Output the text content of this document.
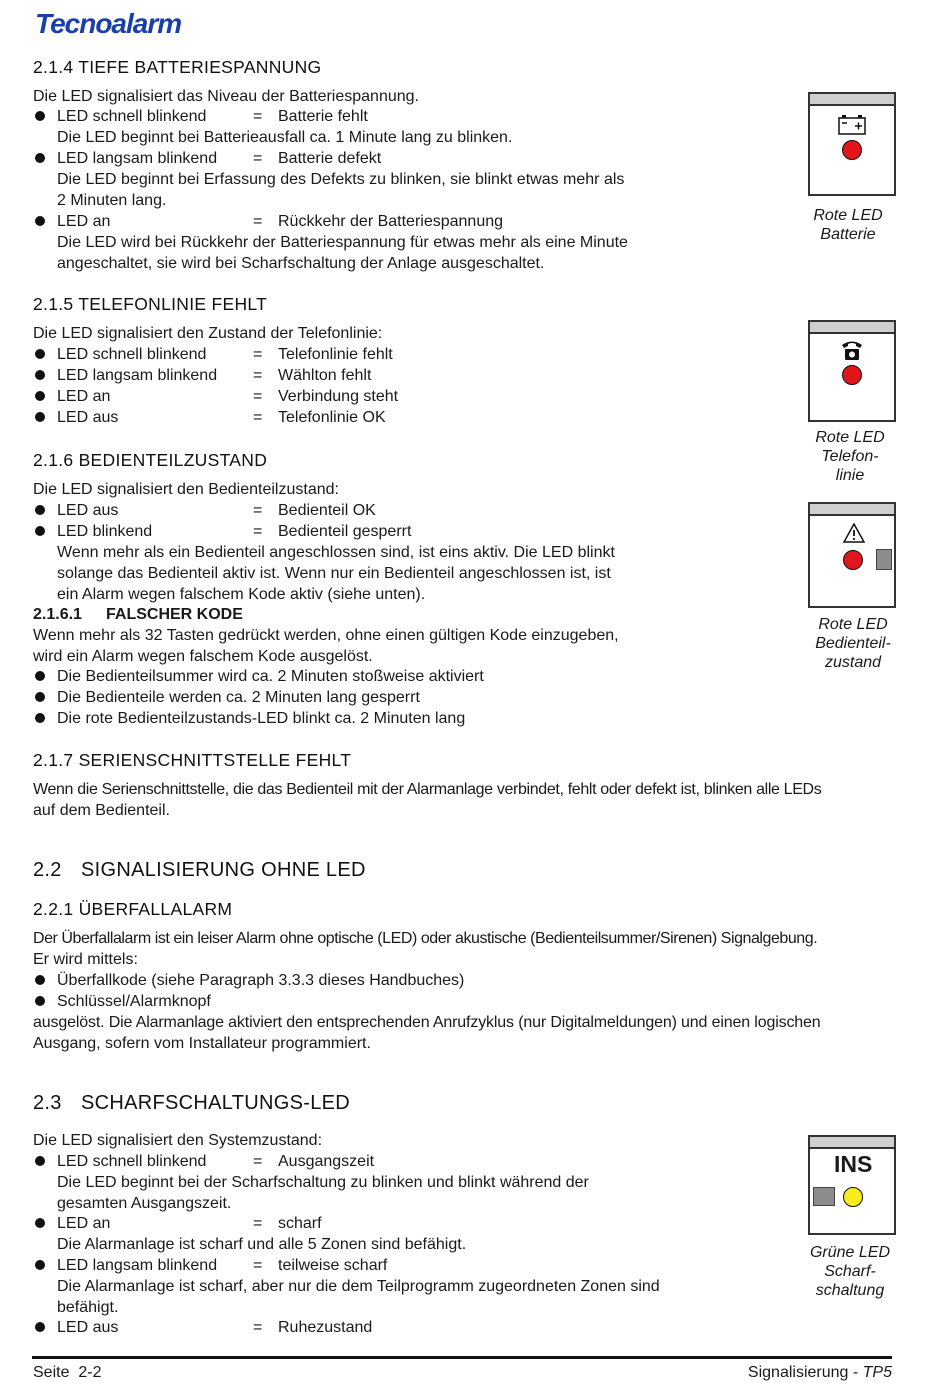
Tecnoalarm
2.1.4 TIEFE BATTERIESPANNUNG
Die LED signalisiert das Niveau der Batteriespannung.
LED schnell blinkend	= Batterie fehlt
Die LED beginnt bei Batterieausfall ca. 1 Minute lang zu blinken.
LED langsam blinkend = Batterie defekt
Die LED beginnt bei Erfassung des Defekts zu blinken, sie blinkt etwas mehr als
2 Minuten lang.
LED an	= Rückkehr der Batteriespannung
Die LED wird bei Rückkehr der Batteriespannung für etwas mehr als eine Minute
angeschaltet, sie wird bei Scharfschaltung der Anlage ausgeschaltet.
Rote LED
Batterie
2.1.5 TELEFONLINIE FEHLT
Die LED signalisiert den Zustand der Telefonlinie:
LED schnell blinkend	= Telefonlinie fehlt
LED langsam blinkend = Wählton fehlt
LED an	= Verbindung steht
LED aus	= Telefonlinie OK
Rote LED
Telefon-
linie
2.1.6 BEDIENTEILZUSTAND
Die LED signalisiert den Bedienteilzustand:
LED aus	= Bedienteil OK
LED blinkend	= Bedienteil gesperrt
Wenn mehr als ein Bedienteil angeschlossen sind, ist eins aktiv. Die LED blinkt
solange das Bedienteil aktiv ist. Wenn nur ein Bedienteil angeschlossen ist, ist
ein Alarm wegen falschem Kode aktiv (siehe unten).
2.1.6.1 FALSCHER KODE
Wenn mehr als 32 Tasten gedrückt werden, ohne einen gültigen Kode einzugeben,
wird ein Alarm wegen falschem Kode ausgelöst.
Die Bedienteilsummer wird ca. 2 Minuten stoßweise aktiviert
Die Bedienteile werden ca. 2 Minuten lang gesperrt
Die rote Bedienteilzustands-LED blinkt ca. 2 Minuten lang
Rote LED
Bedienteil-
zustand
2.1.7 SERIENSCHNITTSTELLE FEHLT
Wenn die Serienschnittstelle, die das Bedienteil mit der Alarmanlage verbindet, fehlt oder defekt ist, blinken alle LEDs
auf dem Bedienteil.
2.2 SIGNALISIERUNG OHNE LED
2.2.1 ÜBERFALLALARM
Der Überfallalarm ist ein leiser Alarm ohne optische (LED) oder akustische (Bedienteilsummer/Sirenen) Signalgebung.
Er wird mittels:
Überfallkode (siehe Paragraph 3.3.3 dieses Handbuches)
Schlüssel/Alarmknopf
ausgelöst. Die Alarmanlage aktiviert den entsprechenden Anrufzyklus (nur Digitalmeldungen) und einen logischen
Ausgang, sofern vom Installateur programmiert.
2.3 SCHARFSCHALTUNGS-LED
Die LED signalisiert den Systemzustand:
LED schnell blinkend	= Ausgangszeit
Die LED beginnt bei der Scharfschaltung zu blinken und blinkt während der
gesamten Ausgangszeit.
LED an	= scharf
Die Alarmanlage ist scharf und alle 5 Zonen sind befähigt.
LED langsam blinkend = teilweise scharf
Die Alarmanlage ist scharf, aber nur die dem Teilprogramm zugeordneten Zonen sind
befähigt.
LED aus	= Ruhezustand
INS
Grüne LED
Scharf-
schaltung
Seite  2-2	Signalisierung - TP5
